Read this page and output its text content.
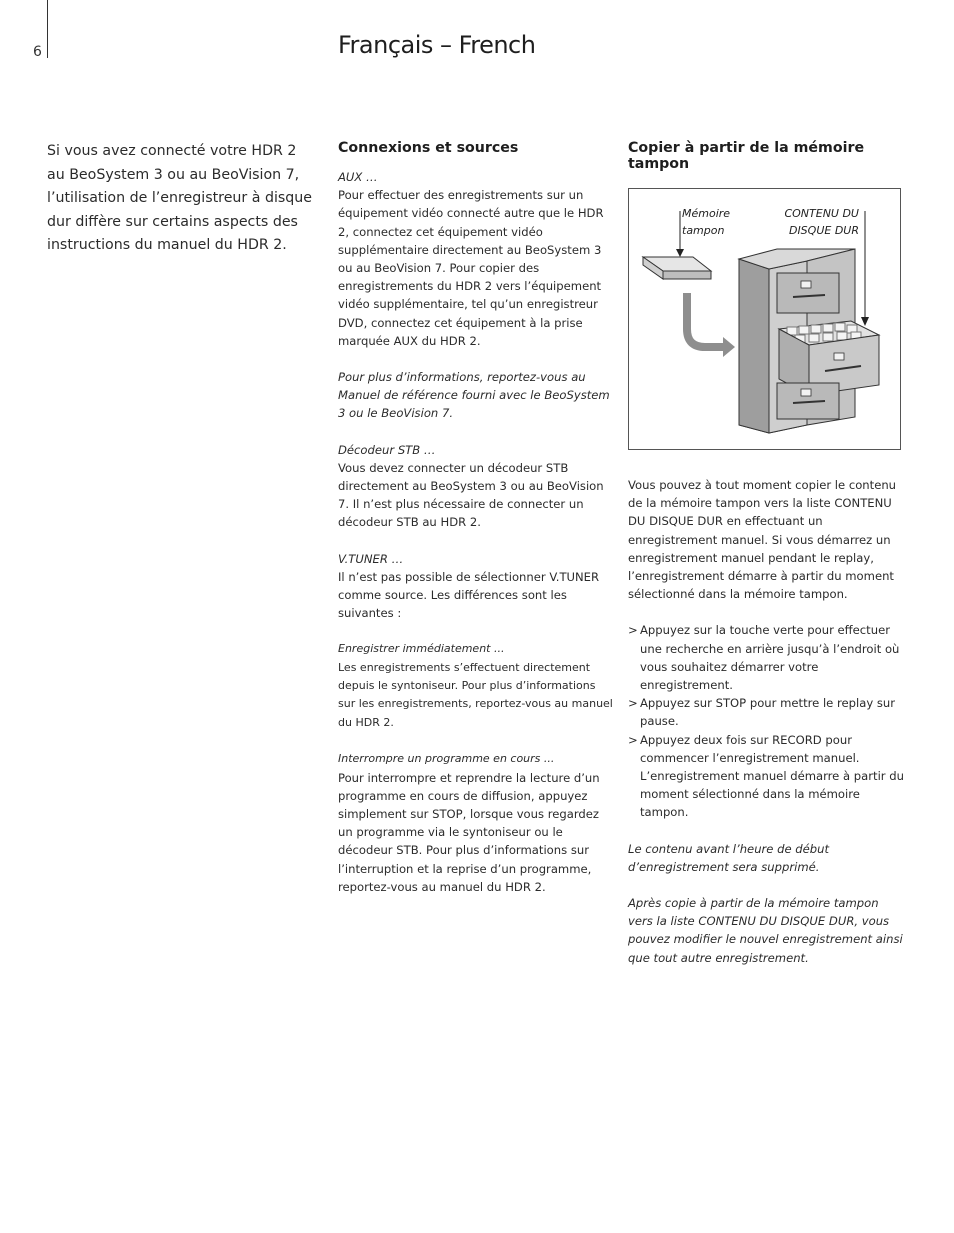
6	Français – French

Si vous avez connecté votre HDR 2 au BeoSystem 3 ou au BeoVision 7, l’utilisation de l’enregistreur à disque dur diffère sur certains aspects des instructions du manuel du HDR 2.

Connexions et sources

AUX …

Pour effectuer des enregistrements sur un équipement vidéo connecté autre que le HDR 2, connectez cet équipement vidéo supplémentaire directement au BeoSystem 3 ou au BeoVision 7. Pour copier des enregistrements du HDR 2 vers l’équipement vidéo supplémentaire, tel qu’un enregistreur DVD, connectez cet équipement à la prise marquée AUX du HDR 2.

Pour plus d’informations, reportez-vous au Manuel de référence fourni avec le BeoSystem 3 ou le BeoVision 7.

Décodeur STB …

Vous devez connecter un décodeur STB directement au BeoSystem 3 ou au BeoVision 7. Il n’est plus nécessaire de connecter un décodeur STB au HDR 2.

V.TUNER …

Il n’est pas possible de sélectionner V.TUNER comme source. Les différences sont les suivantes :

Enregistrer immédiatement ...

Les enregistrements s’effectuent directement depuis le syntoniseur. Pour plus d’informations sur les enregistrements, reportez-vous au manuel du HDR 2.

Interrompre un programme en cours ...

Pour interrompre et reprendre la lecture d’un programme en cours de diffusion, appuyez simplement sur STOP, lorsque vous regardez un programme via le syntoniseur ou le décodeur STB. Pour plus d’informations sur l’interruption et la reprise d’un programme, reportez-vous au manuel du HDR 2.

Copier à partir de la mémoire tampon
Mémoire
tampon
CONTENU DU
DISQUE DUR

Vous pouvez à tout moment copier le contenu de la mémoire tampon vers la liste CONTENU DU DISQUE DUR en effectuant un enregistrement manuel. Si vous démarrez un enregistrement manuel pendant le replay, l’enregistrement démarre à partir du moment sélectionné dans la mémoire tampon.

> Appuyez sur la touche verte pour effectuer une recherche en arrière jusqu’à l’endroit où vous souhaitez démarrer votre enregistrement.
> Appuyez sur STOP pour mettre le replay sur pause.
> Appuyez deux fois sur RECORD pour commencer l’enregistrement manuel. L’enregistrement manuel démarre à partir du moment sélectionné dans la mémoire tampon.

Le contenu avant l’heure de début d’enregistrement sera supprimé.

Après copie à partir de la mémoire tampon vers la liste CONTENU DU DISQUE DUR, vous pouvez modifier le nouvel enregistrement ainsi que tout autre enregistrement.
